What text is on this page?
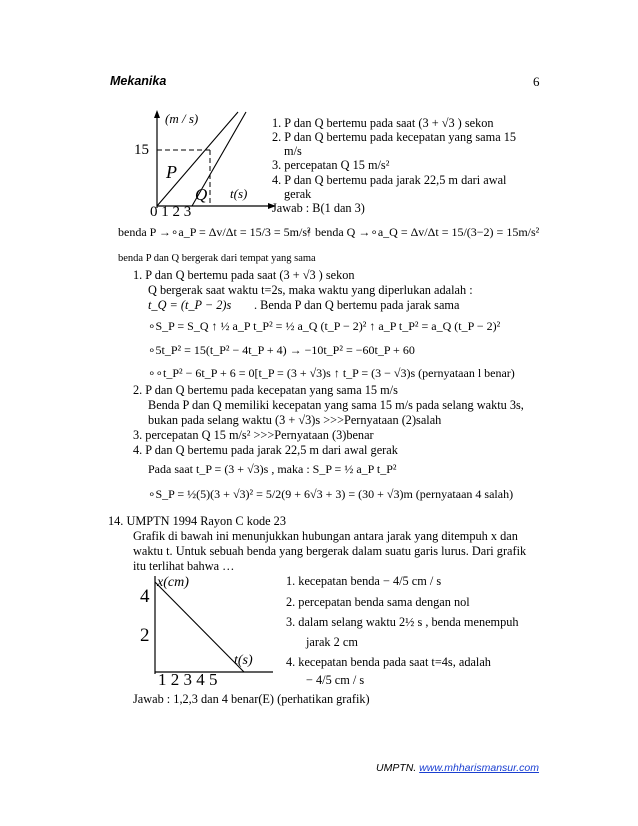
Mekanika	6
(m / s)
15
P
Q t(s)
0 1 2 3
1. P dan Q bertemu pada saat (3 + √3 ) sekon
2. P dan Q bertemu pada kecepatan yang sama 15
m/s
3. percepatan Q 15 m/s²
4. P dan Q bertemu pada jarak 22,5 m dari awal
gerak
Jawab : B(1 dan 3)
benda P →∘a_P = Δv/Δt = 15/3 = 5m/s²
↑ benda Q →∘a_Q = Δv/Δt = 15/(3−2) = 15m/s²
benda P dan Q bergerak dari tempat yang sama
1. P dan Q bertemu pada saat (3 + √3 ) sekon
Q bergerak saat waktu t=2s, maka waktu yang diperlukan adalah :
t_Q = (t_P − 2)s . Benda P dan Q bertemu pada jarak sama
∘S_P = S_Q ↑ ½ a_P t_P² = ½ a_Q (t_P − 2)² ↑ a_P t_P² = a_Q (t_P − 2)²
∘5t_P² = 15(t_P² − 4t_P + 4) → −10t_P² = −60t_P + 60
∘∘t_P² − 6t_P + 6 = 0[t_P = (3 + √3)s ↑ t_P = (3 − √3)s (pernyataan l benar)
2. P dan Q bertemu pada kecepatan yang sama 15 m/s
Benda P dan Q memiliki kecepatan yang sama 15 m/s pada selang waktu 3s,
bukan pada selang waktu (3 + √3)s >>>Pernyataan (2)salah
3. percepatan Q 15 m/s² >>>Pernyataan (3)benar
4. P dan Q bertemu pada jarak 22,5 m dari awal gerak
Pada saat t_P = (3 + √3)s , maka : S_P = ½ a_P t_P²
∘S_P = ½(5)(3 + √3)² = 5/2(9 + 6√3 + 3) = (30 + √3)m (pernyataan 4 salah)
14. UMPTN 1994 Rayon C kode 23
Grafik di bawah ini menunjukkan hubungan antara jarak yang ditempuh x dan
waktu t. Untuk sebuah benda yang bergerak dalam suatu garis lurus. Dari grafik
itu terlihat bahwa …
x(cm)
4
2
t(s)
1 2 3 4 5
1. kecepatan benda − 4/5 cm / s
2. percepatan benda sama dengan nol
3. dalam selang waktu 2½ s , benda menempuh
jarak 2 cm
4. kecepatan benda pada saat t=4s, adalah
− 4/5 cm / s
Jawab : 1,2,3 dan 4 benar(E) (perhatikan grafik)
UMPTN. www.mhharismansur.com
